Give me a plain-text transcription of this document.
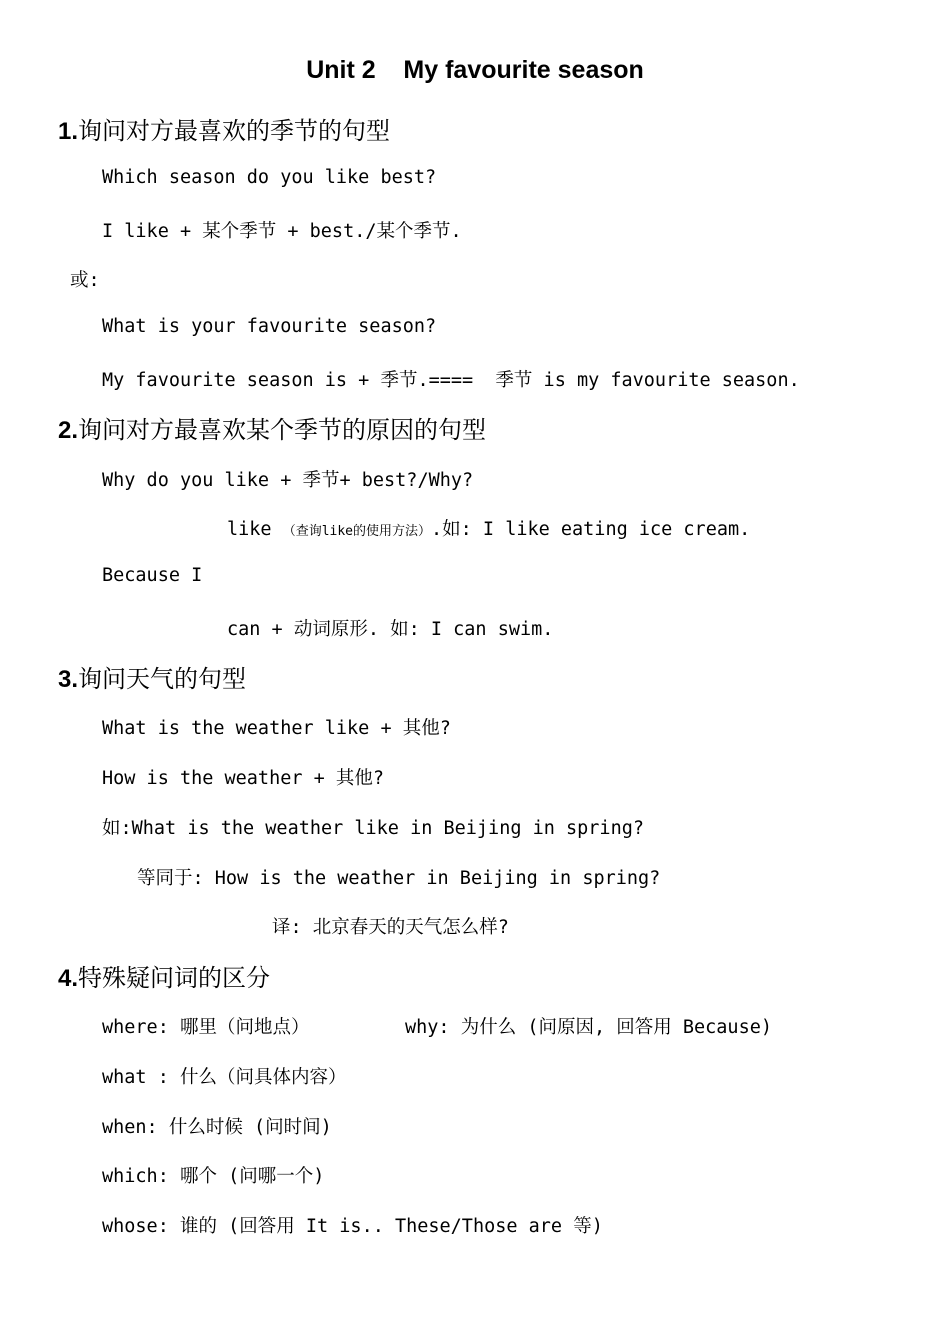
Unit 2    My favourite season
1.询问对方最喜欢的季节的句型
Which season do you like best?
I like + 某个季节 + best./某个季节.
或:
What is your favourite season?
My favourite season is + 季节.====  季节 is my favourite season.
2.询问对方最喜欢某个季节的原因的句型
Why do you like + 季节+ best?/Why?
like （查询like的使用方法）.如: I like eating ice cream.
Because I
can + 动词原形. 如: I can swim.
3.询问天气的句型
What is the weather like + 其他?
How is the weather + 其他?
如:What is the weather like in Beijing in spring?
等同于: How is the weather in Beijing in spring?
译: 北京春天的天气怎么样?
4.特殊疑问词的区分
where: 哪里（问地点）	why: 为什么 (问原因, 回答用 Because)
what : 什么（问具体内容）
when: 什么时候 (问时间)
which: 哪个 (问哪一个)
whose: 谁的 (回答用 It is.. These/Those are 等)
